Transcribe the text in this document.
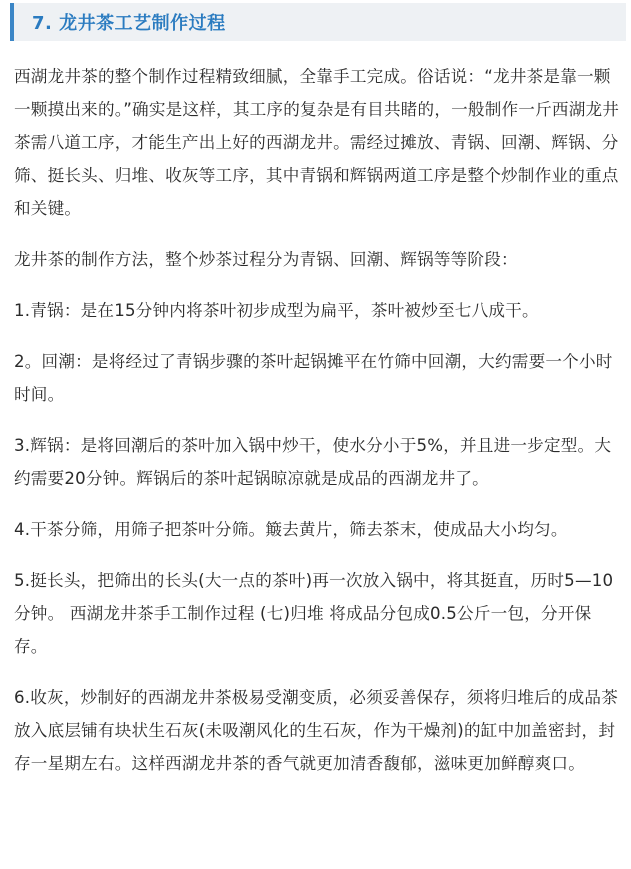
7. 龙井茶工艺制作过程

西湖龙井茶的整个制作过程精致细腻，全靠手工完成。俗话说：“龙井茶是靠一颗一颗摸出来的。”确实是这样，其工序的复杂是有目共睹的，一般制作一斤西湖龙井茶需八道工序，才能生产出上好的西湖龙井。需经过摊放、青锅、回潮、辉锅、分筛、挺长头、归堆、收灰等工序，其中青锅和辉锅两道工序是整个炒制作业的重点和关键。

龙井茶的制作方法，整个炒茶过程分为青锅、回潮、辉锅等等阶段：

1.青锅：是在15分钟内将茶叶初步成型为扁平，茶叶被炒至七八成干。

2。回潮：是将经过了青锅步骤的茶叶起锅摊平在竹筛中回潮，大约需要一个小时时间。

3.辉锅：是将回潮后的茶叶加入锅中炒干，使水分小于5%，并且进一步定型。大约需要20分钟。辉锅后的茶叶起锅晾凉就是成品的西湖龙井了。

4.干茶分筛，用筛子把茶叶分筛。簸去黄片，筛去茶末，使成品大小均匀。

5.挺长头，把筛出的长头(大一点的茶叶)再一次放入锅中，将其挺直，历时5—10分钟。 西湖龙井茶手工制作过程 (七)归堆 将成品分包成0.5公斤一包，分开保存。

6.收灰，炒制好的西湖龙井茶极易受潮变质，必须妥善保存，须将归堆后的成品茶放入底层铺有块状生石灰(未吸潮风化的生石灰，作为干燥剂)的缸中加盖密封，封存一星期左右。这样西湖龙井茶的香气就更加清香馥郁，滋味更加鲜醇爽口。
